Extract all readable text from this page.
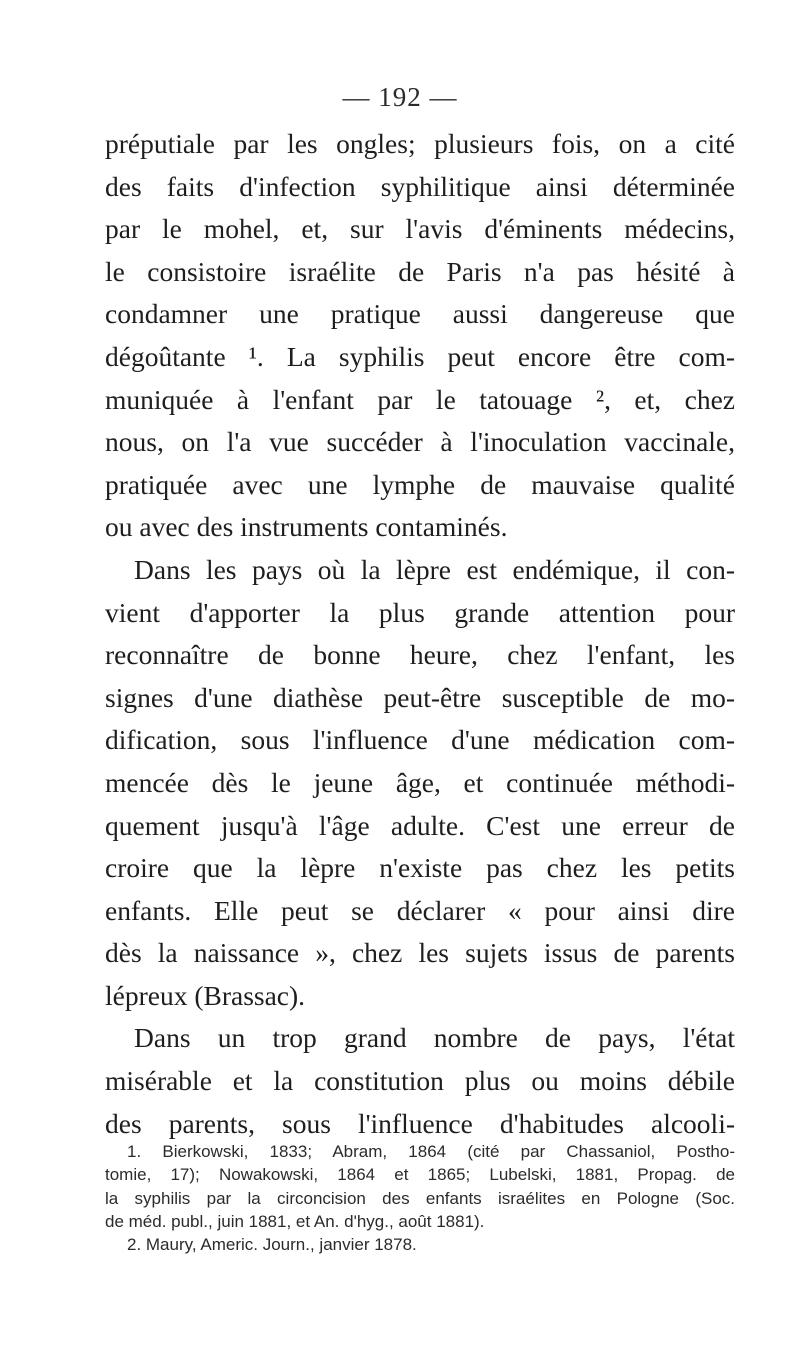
— 192 —
préputiale par les ongles; plusieurs fois, on a cité
des faits d'infection syphilitique ainsi déterminée
par le mohel, et, sur l'avis d'éminents médecins,
le consistoire israélite de Paris n'a pas hésité à
condamner une pratique aussi dangereuse que
dégoûtante ¹. La syphilis peut encore être com-
muniquée à l'enfant par le tatouage ², et, chez
nous, on l'a vue succéder à l'inoculation vaccinale,
pratiquée avec une lymphe de mauvaise qualité
ou avec des instruments contaminés.
Dans les pays où la lèpre est endémique, il con-
vient d'apporter la plus grande attention pour
reconnaître de bonne heure, chez l'enfant, les
signes d'une diathèse peut-être susceptible de mo-
dification, sous l'influence d'une médication com-
mencée dès le jeune âge, et continuée méthodi-
quement jusqu'à l'âge adulte. C'est une erreur de
croire que la lèpre n'existe pas chez les petits
enfants. Elle peut se déclarer « pour ainsi dire
dès la naissance », chez les sujets issus de parents
lépreux (Brassac).
Dans un trop grand nombre de pays, l'état
misérable et la constitution plus ou moins débile
des parents, sous l'influence d'habitudes alcooli-
1. Bierkowski, 1833; Abram, 1864 (cité par Chassaniol, Postho-
tomie, 17); Nowakowski, 1864 et 1865; Lubelski, 1881, Propag. de
la syphilis par la circoncision des enfants israélites en Pologne (Soc.
de méd. publ., juin 1881, et An. d'hyg., août 1881).
2. Maury, Americ. Journ., janvier 1878.
